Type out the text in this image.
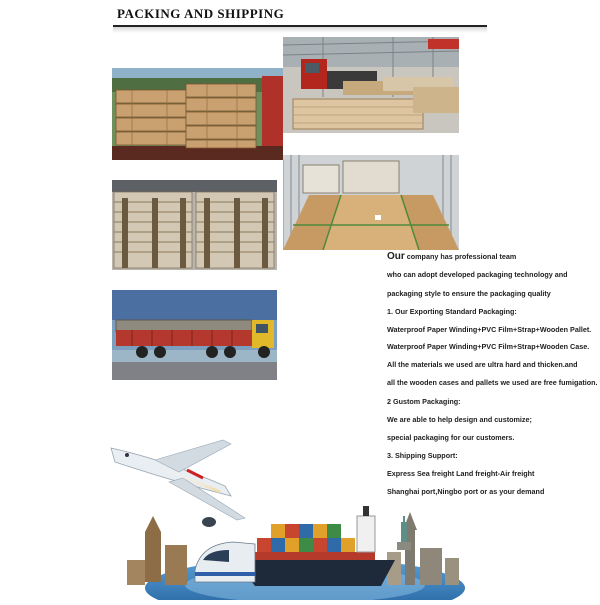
PACKING AND SHIPPING
Our company has professional team
who can adopt developed packaging technology and
packaging style to ensure the packaging quality
1. Our Exporting Standard Packaging:
Waterproof Paper Winding+PVC Film+Strap+Wooden Pallet.
Waterproof Paper Winding+PVC Film+Strap+Wooden Case.
All the materials we used are ultra hard and thicken.and
all the wooden cases and pallets we used are free fumigation.
2 Gustom Packaging:
We are able to help design and customize;
special packaging for our customers.
3. Shipping Support:
Express Sea freight Land freight-Air freight
Shanghai port,Ningbo port or as your demand
